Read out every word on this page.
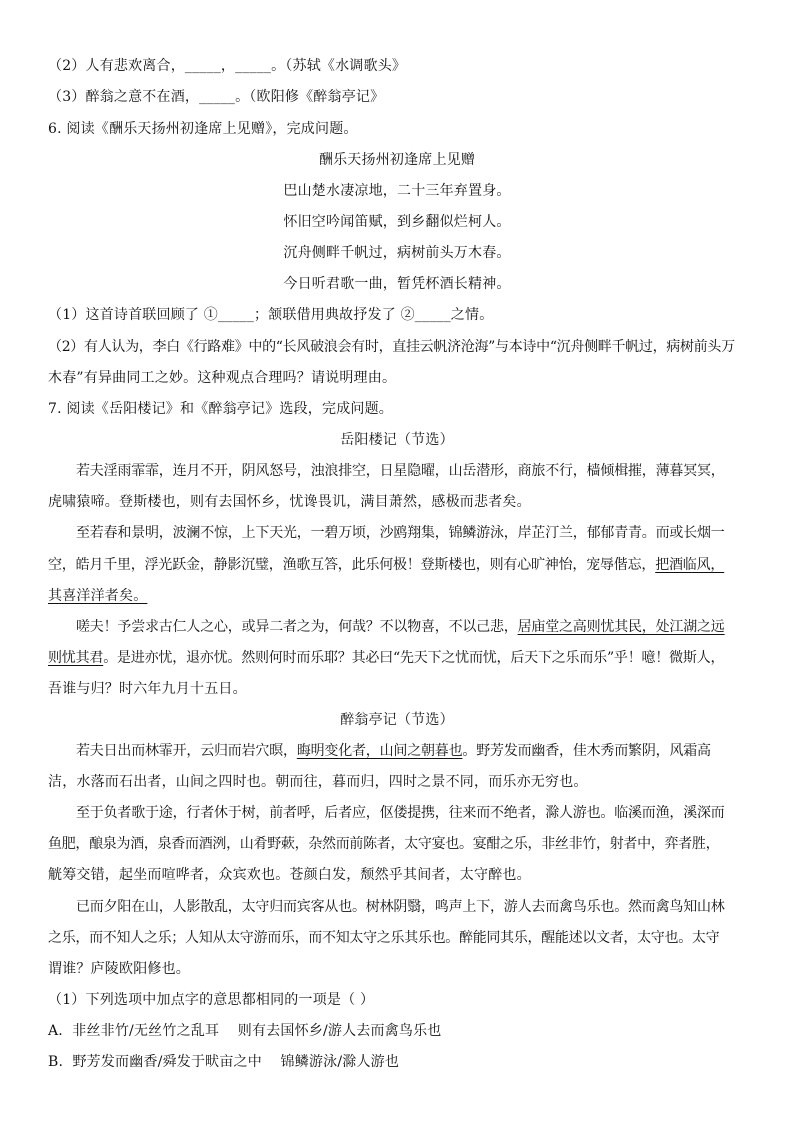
（2）人有悲欢离合，_____，_____。（苏轼《水调歌头》
（3）醉翁之意不在酒，_____。（欧阳修《醉翁亭记》
6. 阅读《酬乐天扬州初逢席上见赠》，完成问题。
酬乐天扬州初逢席上见赠
巴山楚水凄凉地，二十三年弃置身。
怀旧空吟闻笛赋，到乡翻似烂柯人。
沉舟侧畔千帆过，病树前头万木春。
今日听君歌一曲，暂凭杯酒长精神。
（1）这首诗首联回顾了 ①_____；颔联借用典故抒发了 ②_____之情。
（2）有人认为，李白《行路难》中的“长风破浪会有时，直挂云帆济沧海”与本诗中“沉舟侧畔千帆过，病树前头万
木春”有异曲同工之妙。这种观点合理吗？请说明理由。
7. 阅读《岳阳楼记》和《醉翁亭记》选段，完成问题。
岳阳楼记（节选）
若夫淫雨霏霏，连月不开，阴风怒号，浊浪排空，日星隐曜，山岳潜形，商旅不行，樯倾楫摧，薄暮冥冥，
虎啸猿啼。登斯楼也，则有去国怀乡，忧谗畏讥，满目萧然，感极而悲者矣。
至若春和景明，波澜不惊，上下天光，一碧万顷，沙鸥翔集，锦鳞游泳，岸芷汀兰，郁郁青青。而或长烟一
空，皓月千里，浮光跃金，静影沉璧，渔歌互答，此乐何极！登斯楼也，则有心旷神怡，宠辱偕忘，把酒临风，
其喜洋洋者矣。
嗟夫！予尝求古仁人之心，或异二者之为，何哉？不以物喜，不以己悲，居庙堂之高则忧其民，处江湖之远
则忧其君。是进亦忧，退亦忧。然则何时而乐耶？其必曰“先天下之忧而忧，后天下之乐而乐”乎！噫！微斯人，
吾谁与归？时六年九月十五日。
醉翁亭记（节选）
若夫日出而林霏开，云归而岩穴暝，晦明变化者，山间之朝暮也。野芳发而幽香，佳木秀而繁阴，风霜高
洁，水落而石出者，山间之四时也。朝而往，暮而归，四时之景不同，而乐亦无穷也。
至于负者歌于途，行者休于树，前者呼，后者应，伛偻提携，往来而不绝者，滁人游也。临溪而渔，溪深而
鱼肥，酿泉为酒，泉香而酒洌，山肴野蔌，杂然而前陈者，太守宴也。宴酣之乐，非丝非竹，射者中，弈者胜，
觥筹交错，起坐而喧哗者，众宾欢也。苍颜白发，颓然乎其间者，太守醉也。
已而夕阳在山，人影散乱，太守归而宾客从也。树林阴翳，鸣声上下，游人去而禽鸟乐也。然而禽鸟知山林
之乐，而不知人之乐；人知从太守游而乐，而不知太守之乐其乐也。醉能同其乐，醒能述以文者，太守也。太守
谓谁？庐陵欧阳修也。
（1）下列选项中加点字的意思都相同的一项是（ ）
A.  非丝非竹/无丝竹之乱耳    则有去国怀乡/游人去而禽鸟乐也
B.  野芳发而幽香/舜发于畎亩之中    锦鳞游泳/滁人游也
